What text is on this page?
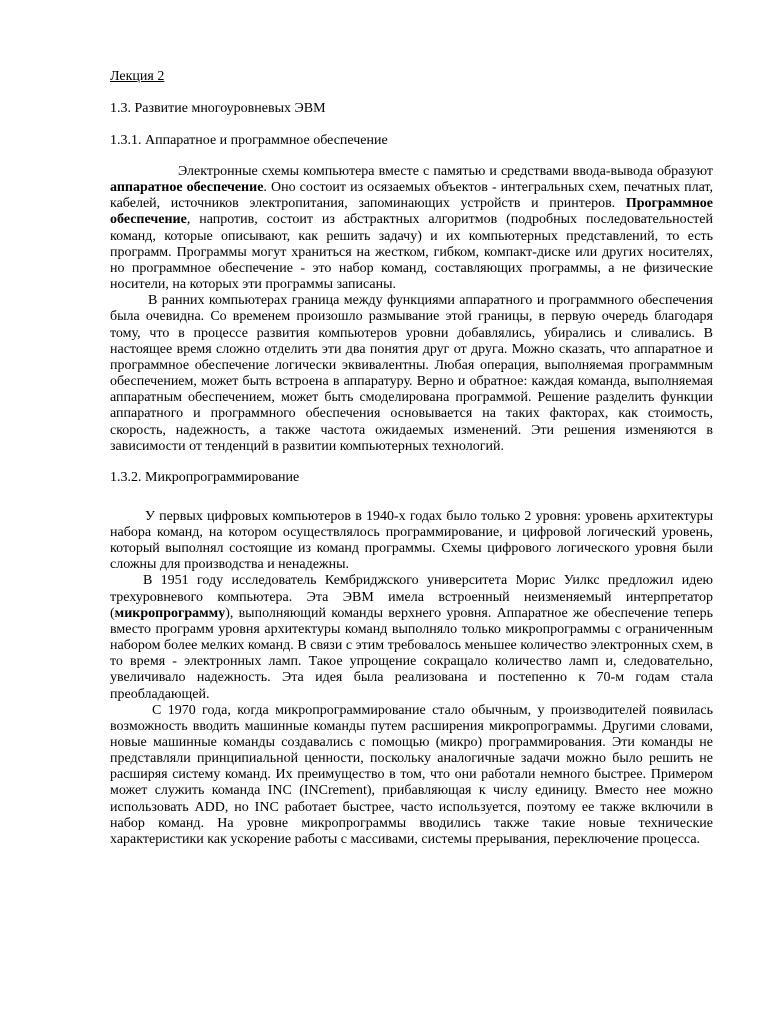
Лекция 2
1.3. Развитие многоуровневых ЭВМ
1.3.1. Аппаратное и программное обеспечение

Электронные схемы компьютера вместе с памятью и средствами ввода-вывода образуют аппаратное обеспечение. Оно состоит из осязаемых объектов - интегральных схем, печатных плат, кабелей, источников электропитания, запоминающих устройств и принтеров. Программное обеспечение, напротив, состоит из абстрактных алгоритмов (подробных последовательностей команд, которые описывают, как решить задачу) и их компьютерных представлений, то есть программ. Программы могут храниться на жестком, гибком, компакт-диске или других носителях, но программное обеспечение - это набор команд, составляющих программы, а не физические носители, на которых эти программы записаны.

В ранних компьютерах граница между функциями аппаратного и программного обеспечения была очевидна. Со временем произошло размывание этой границы, в первую очередь благодаря тому, что в процессе развития компьютеров уровни добавлялись, убирались и сливались. В настоящее время сложно отделить эти два понятия друг от друга. Можно сказать, что аппаратное и программное обеспечение логически эквивалентны. Любая операция, выполняемая программным обеспечением, может быть встроена в аппаратуру. Верно и обратное: каждая команда, выполняемая аппаратным обеспечением, может быть смоделирована программой. Решение разделить функции аппаратного и программного обеспечения основывается на таких факторах, как стоимость, скорость, надежность, а также частота ожидаемых изменений. Эти решения изменяются в зависимости от тенденций в развитии компьютерных технологий.

1.3.2. Микропрограммирование

У первых цифровых компьютеров в 1940-х годах было только 2 уровня: уровень архитектуры набора команд, на котором осуществлялось программирование, и цифровой логический уровень, который выполнял состоящие из команд программы. Схемы цифрового логического уровня были сложны для производства и ненадежны.

В 1951 году исследователь Кембриджского университета Морис Уилкс предложил идею трехуровневого компьютера. Эта ЭВМ имела встроенный неизменяемый интерпретатор (микропрограмму), выполняющий команды верхнего уровня. Аппаратное же обеспечение теперь вместо программ уровня архитектуры команд выполняло только микропрограммы с ограниченным набором более мелких команд. В связи с этим требовалось меньшее количество электронных схем, в то время - электронных ламп. Такое упрощение сокращало количество ламп и, следовательно, увеличивало надежность. Эта идея была реализована и постепенно к 70-м годам стала преобладающей.

С 1970 года, когда микропрограммирование стало обычным, у производителей появилась возможность вводить машинные команды путем расширения микропрограммы. Другими словами, новые машинные команды создавались с помощью (микро) программирования. Эти команды не представляли принципиальной ценности, поскольку аналогичные задачи можно было решить не расширяя систему команд. Их преимущество в том, что они работали немного быстрее. Примером может служить команда INC (INCrement), прибавляющая к числу единицу. Вместо нее можно использовать ADD, но INC работает быстрее, часто используется, поэтому ее также включили в набор команд. На уровне микропрограммы вводились также такие новые технические характеристики как ускорение работы с массивами, системы прерывания, переключение процесса.
